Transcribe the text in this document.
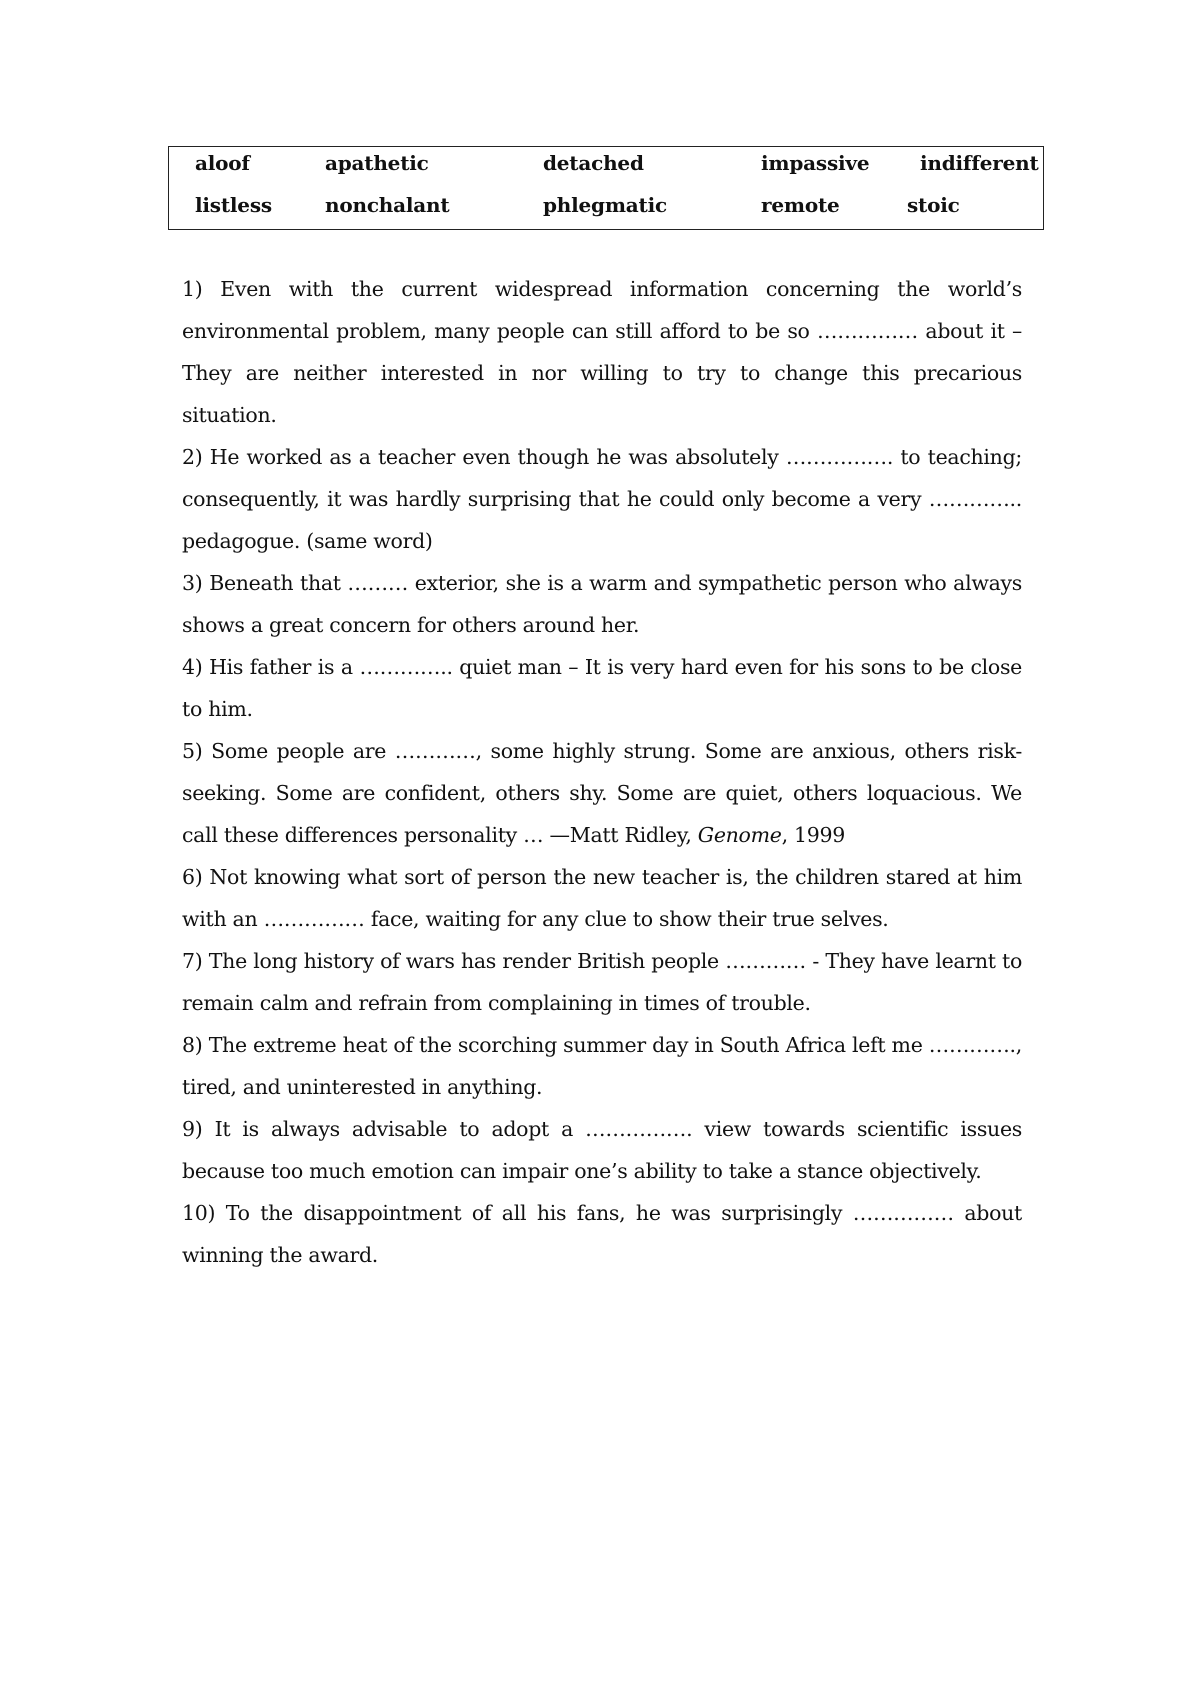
aloof	apathetic	detached	impassive	indifferent
listless	nonchalant	phlegmatic	remote	stoic

1) Even with the current widespread information concerning the world’s environmental problem, many people can still afford to be so …………… about it – They are neither interested in nor willing to try to change this precarious situation.

2) He worked as a teacher even though he was absolutely ……………. to teaching; consequently, it was hardly surprising that he could only become a very ………….. pedagogue. (same word)

3) Beneath that ……… exterior, she is a warm and sympathetic person who always shows a great concern for others around her.

4) His father is a ………….. quiet man – It is very hard even for his sons to be close to him.

5) Some people are …………, some highly strung. Some are anxious, others risk-seeking. Some are confident, others shy. Some are quiet, others loquacious. We call these differences personality … —Matt Ridley, Genome, 1999

6) Not knowing what sort of person the new teacher is, the children stared at him with an …………… face, waiting for any clue to show their true selves.

7) The long history of wars has render British people ………… - They have learnt to remain calm and refrain from complaining in times of trouble.

8) The extreme heat of the scorching summer day in South Africa left me …………., tired, and uninterested in anything.

9) It is always advisable to adopt a ……………. view towards scientific issues because too much emotion can impair one’s ability to take a stance objectively.

10) To the disappointment of all his fans, he was surprisingly …………… about winning the award.
